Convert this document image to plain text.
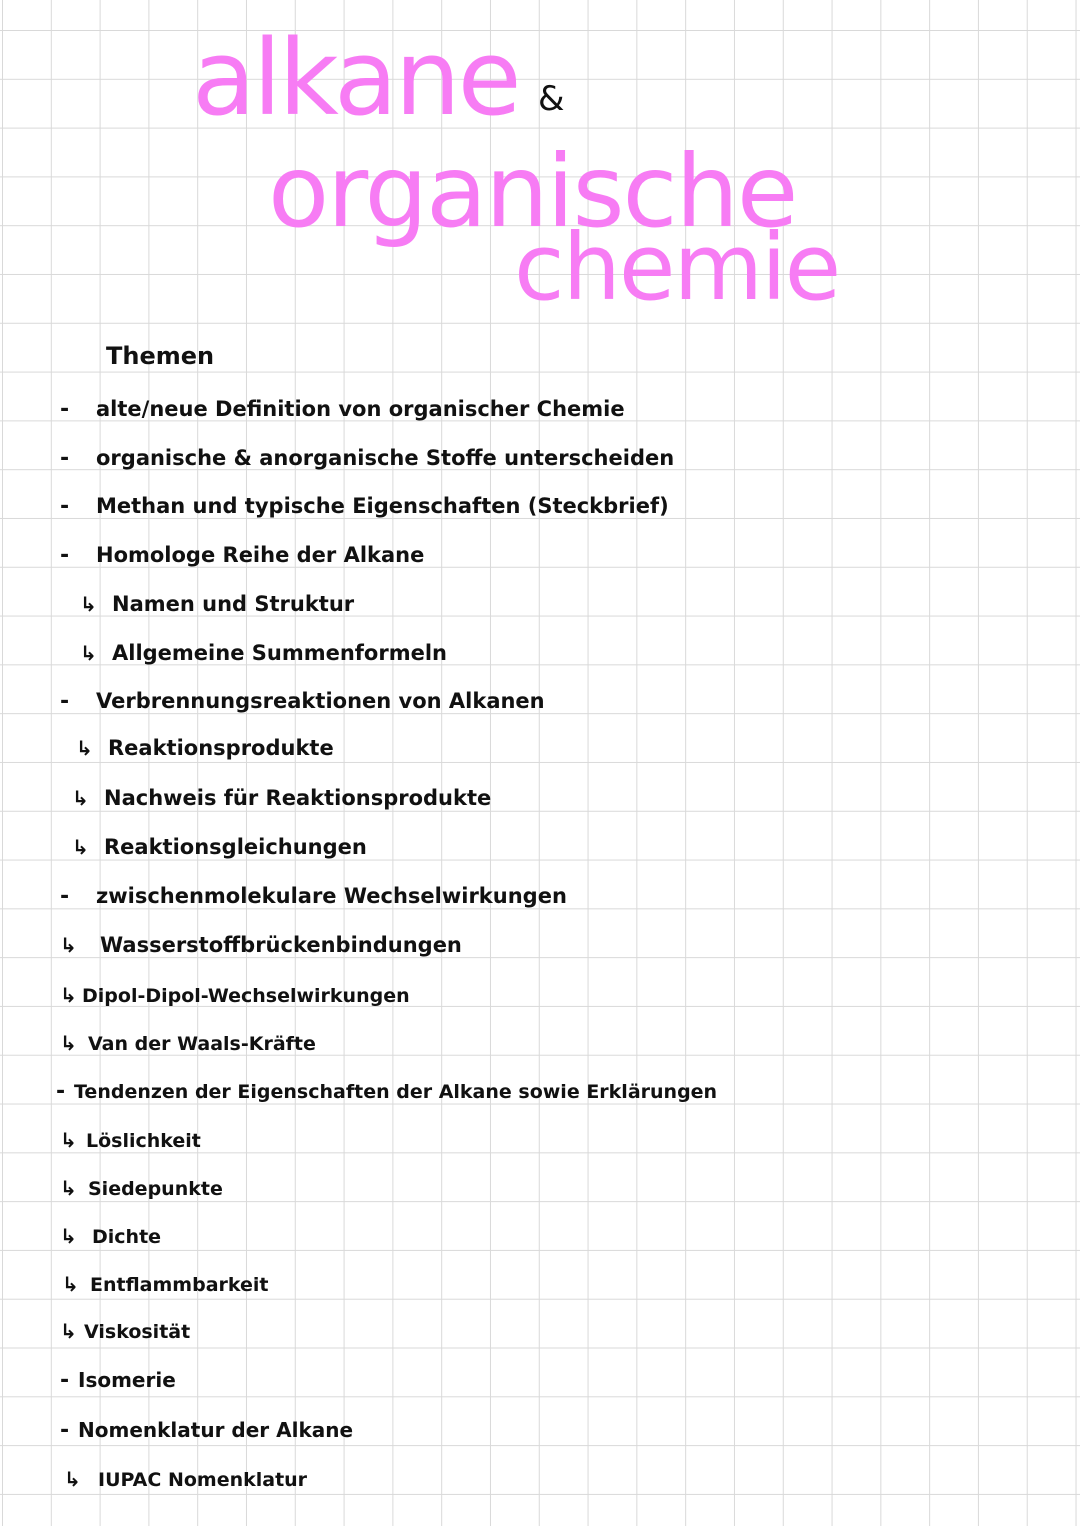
alkane &
organische
chemie
Themen
-	alte/neue Definition von organischer Chemie
-	organische & anorganische Stoffe unterscheiden
-	Methan und typische Eigenschaften (Steckbrief)
-	Homologe Reihe der Alkane
↳ Namen und Struktur
↳ Allgemeine Summenformeln
-	Verbrennungsreaktionen von Alkanen
↳ Reaktionsprodukte
↳ Nachweis für Reaktionsprodukte
↳ Reaktionsgleichungen
-	zwischenmolekulare Wechselwirkungen
↳	Wasserstoffbrückenbindungen
↳ Dipol-Dipol-Wechselwirkungen
↳ Van der Waals-Kräfte
- Tendenzen der Eigenschaften der Alkane sowie Erklärungen
↳ Löslichkeit
↳ Siedepunkte
↳ Dichte
↳ Entflammbarkeit
↳ Viskosität
- Isomerie
- Nomenklatur der Alkane
↳ IUPAC Nomenklatur
